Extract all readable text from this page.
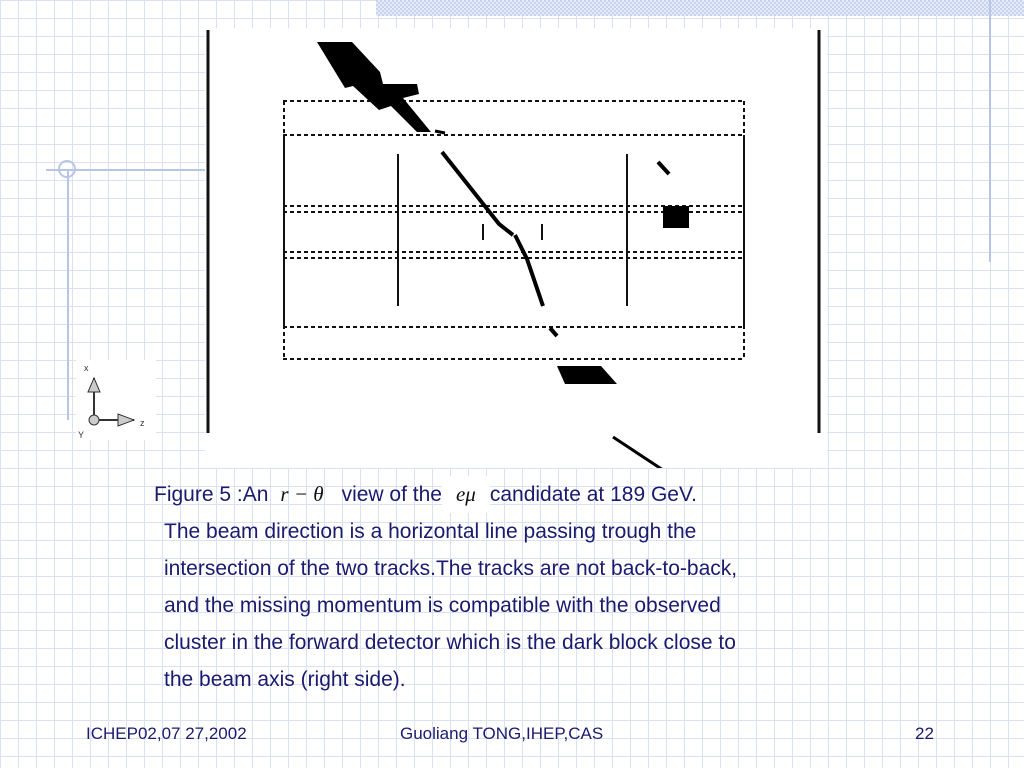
x
z
Y
Figure 5 :An r − θ view of the eμ candidate at 189 GeV.
The beam direction is a horizontal line passing trough the
intersection of the two tracks.The tracks are not back-to-back,
and the missing momentum is compatible with the observed
cluster in the forward detector which is the dark block close to
the beam axis (right side).
ICHEP02,07 27,2002	Guoliang TONG,IHEP,CAS	22
